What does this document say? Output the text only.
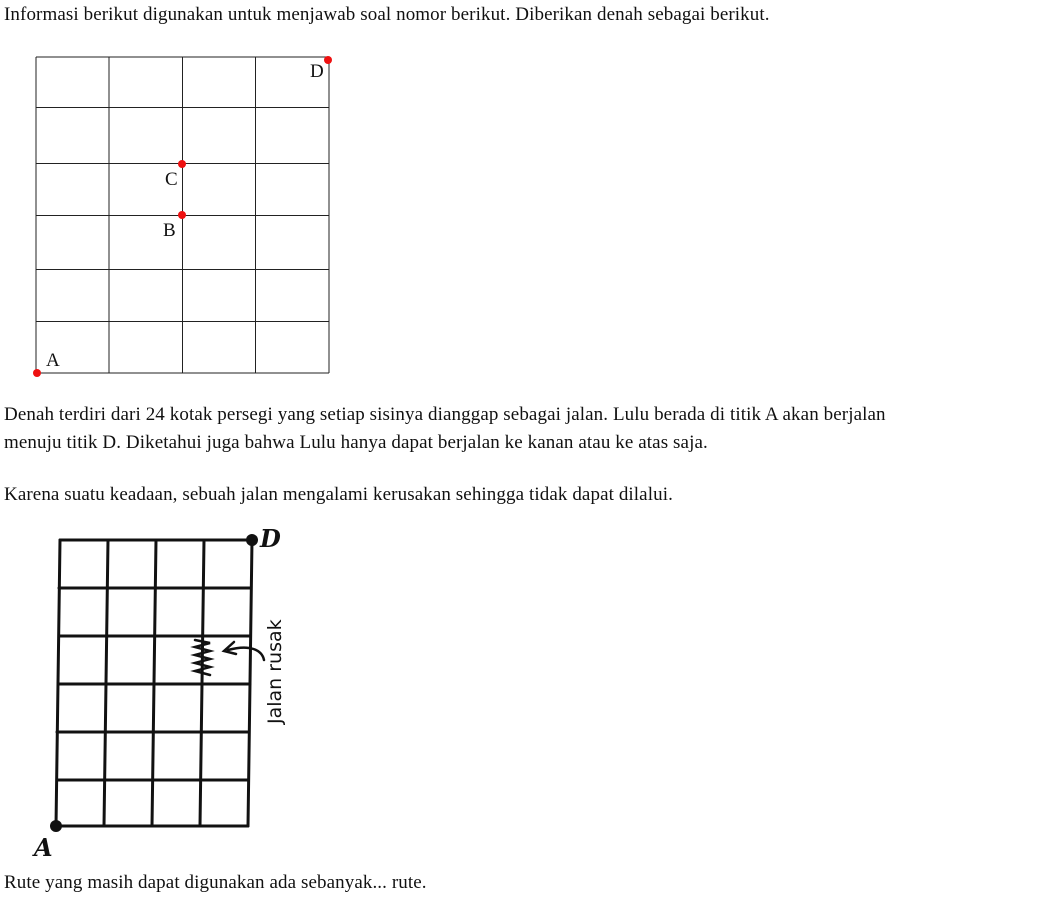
Informasi berikut digunakan untuk menjawab soal nomor berikut. Diberikan denah sebagai berikut.

D
C
B
A

Denah terdiri dari 24 kotak persegi yang setiap sisinya dianggap sebagai jalan. Lulu berada di titik A akan berjalan

menuju titik D. Diketahui juga bahwa Lulu hanya dapat berjalan ke kanan atau ke atas saja.

Karena suatu keadaan, sebuah jalan mengalami kerusakan sehingga tidak dapat dilalui.

D
A
Jalan rusak

Rute yang masih dapat digunakan ada sebanyak... rute.
